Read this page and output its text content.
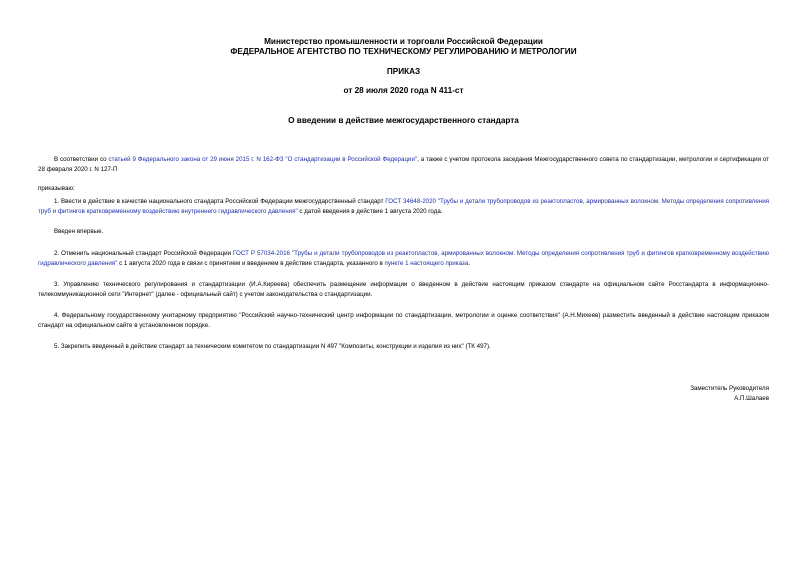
Министерство промышленности и торговли Российской Федерации
ФЕДЕРАЛЬНОЕ АГЕНТСТВО ПО ТЕХНИЧЕСКОМУ РЕГУЛИРОВАНИЮ И МЕТРОЛОГИИ
ПРИКАЗ
от 28 июля 2020 года N 411-ст
О введении в действие межгосударственного стандарта
В соответствии со статьей 9 Федерального закона от 29 июня 2015 г. N 162-ФЗ "О стандартизации в Российской Федерации", а также с учетом протокола заседания Межгосударственного совета по стандартизации, метрологии и сертификации от 28 февраля 2020 г. N 127-П
приказываю:
1. Ввести в действие в качестве национального стандарта Российской Федерации межгосударственный стандарт ГОСТ 34648-2020 "Трубы и детали трубопроводов из реактопластов, армированных волокном. Методы определения сопротивления труб и фитингов кратковременному воздействию внутреннего гидравлического давления" с датой введения в действие 1 августа 2020 года.
Введен впервые.
2. Отменить национальный стандарт Российской Федерации ГОСТ Р 57034-2016 "Трубы и детали трубопроводов из реактопластов, армированных волокном. Методы определения сопротивления труб и фитингов кратковременному воздействию гидравлического давления" с 1 августа 2020 года в связи с принятием и введением в действие стандарта, указанного в пункте 1 настоящего приказа.
3. Управлению технического регулирования и стандартизации (И.А.Киреева) обеспечить размещение информации о введенном в действие настоящим приказом стандарте на официальном сайте Росстандарта в информационно-телекоммуникационной сети "Интернет" (далее - официальный сайт) с учетом законодательства о стандартизации.
4. Федеральному государственному унитарному предприятию "Российский научно-технический центр информации по стандартизации, метрологии и оценке соответствия" (А.Н.Михеев) разместить введенный в действие настоящим приказом стандарт на официальном сайте в установленном порядке.
5. Закрепить введенный в действие стандарт за техническим комитетом по стандартизации N 497 "Композиты, конструкции и изделия из них" (ТК 497).
Заместитель Руководителя
А.П.Шалаев
